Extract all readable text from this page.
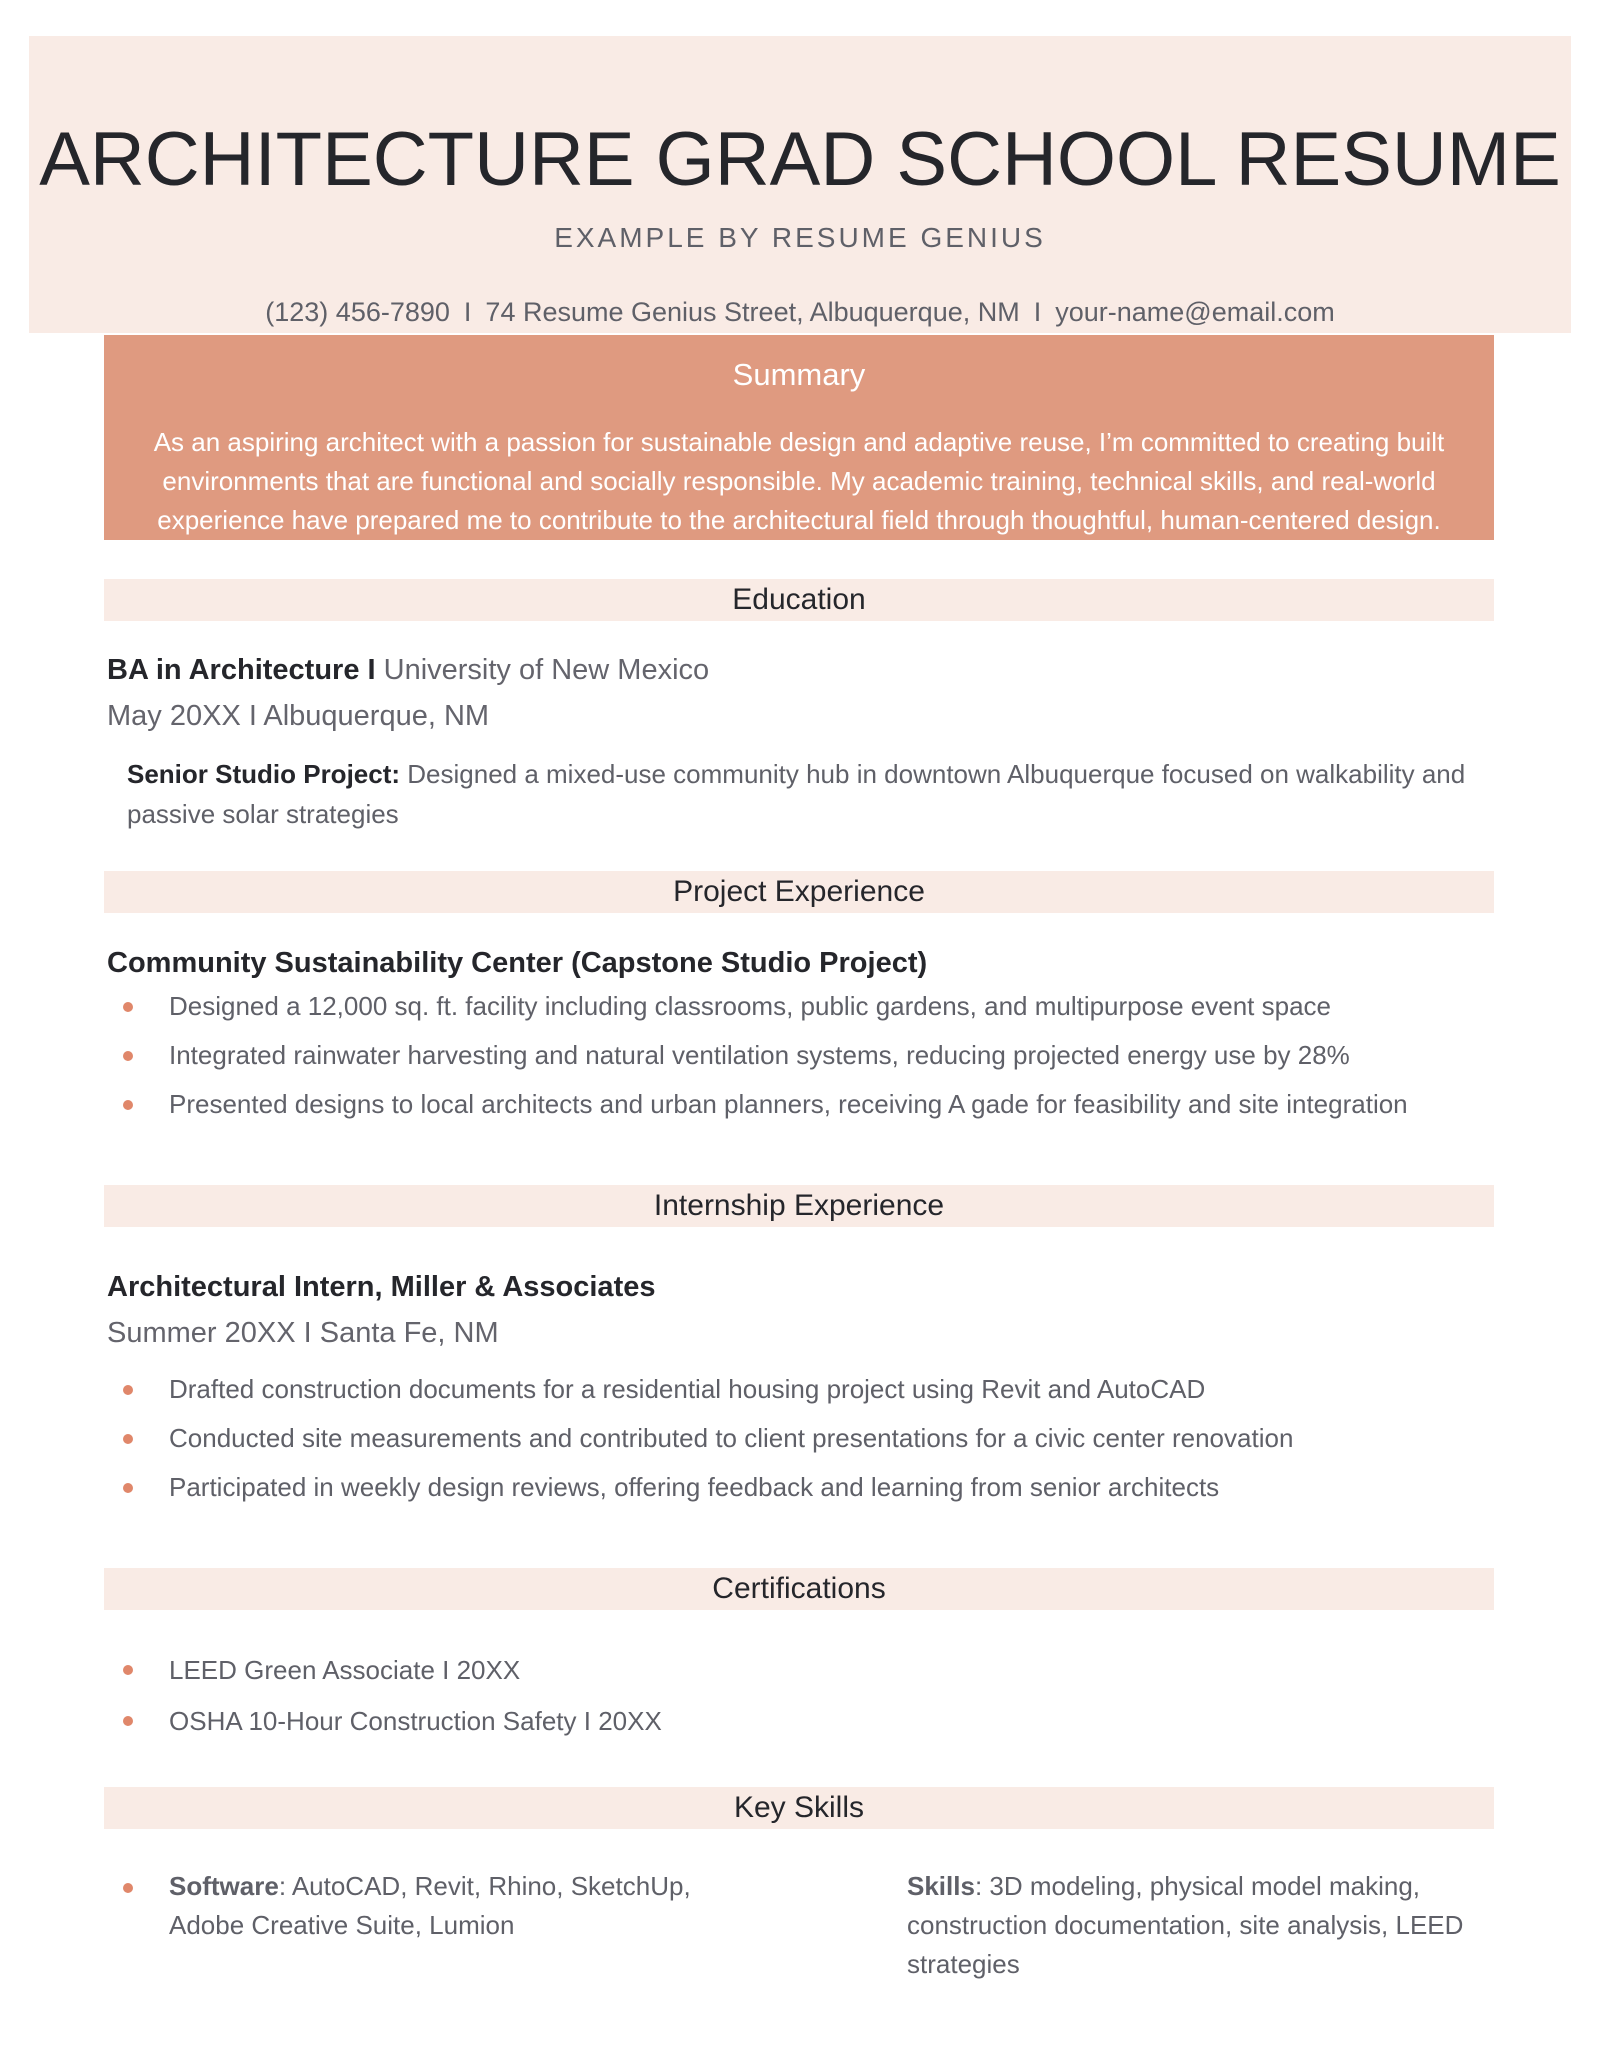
ARCHITECTURE GRAD SCHOOL RESUME
EXAMPLE BY RESUME GENIUS
(123) 456-7890 I 74 Resume Genius Street, Albuquerque, NM I your-name@email.com
Summary

As an aspiring architect with a passion for sustainable design and adaptive reuse, I’m committed to creating built environments that are functional and socially responsible. My academic training, technical skills, and real-world experience have prepared me to contribute to the architectural field through thoughtful, human-centered design.

Education
BA in Architecture I University of New Mexico
May 20XX I Albuquerque, NM
Senior Studio Project: Designed a mixed-use community hub in downtown Albuquerque focused on walkability and passive solar strategies
Project Experience
Community Sustainability Center (Capstone Studio Project)
Designed a 12,000 sq. ft. facility including classrooms, public gardens, and multipurpose event space
Integrated rainwater harvesting and natural ventilation systems, reducing projected energy use by 28%
Presented designs to local architects and urban planners, receiving A gade for feasibility and site integration
Internship Experience
Architectural Intern, Miller & Associates
Summer 20XX I Santa Fe, NM
Drafted construction documents for a residential housing project using Revit and AutoCAD
Conducted site measurements and contributed to client presentations for a civic center renovation
Participated in weekly design reviews, offering feedback and learning from senior architects
Certifications
LEED Green Associate I 20XX
OSHA 10-Hour Construction Safety I 20XX
Key Skills
Software: AutoCAD, Revit, Rhino, SketchUp, Adobe Creative Suite, Lumion
Skills: 3D modeling, physical model making, construction documentation, site analysis, LEED strategies
